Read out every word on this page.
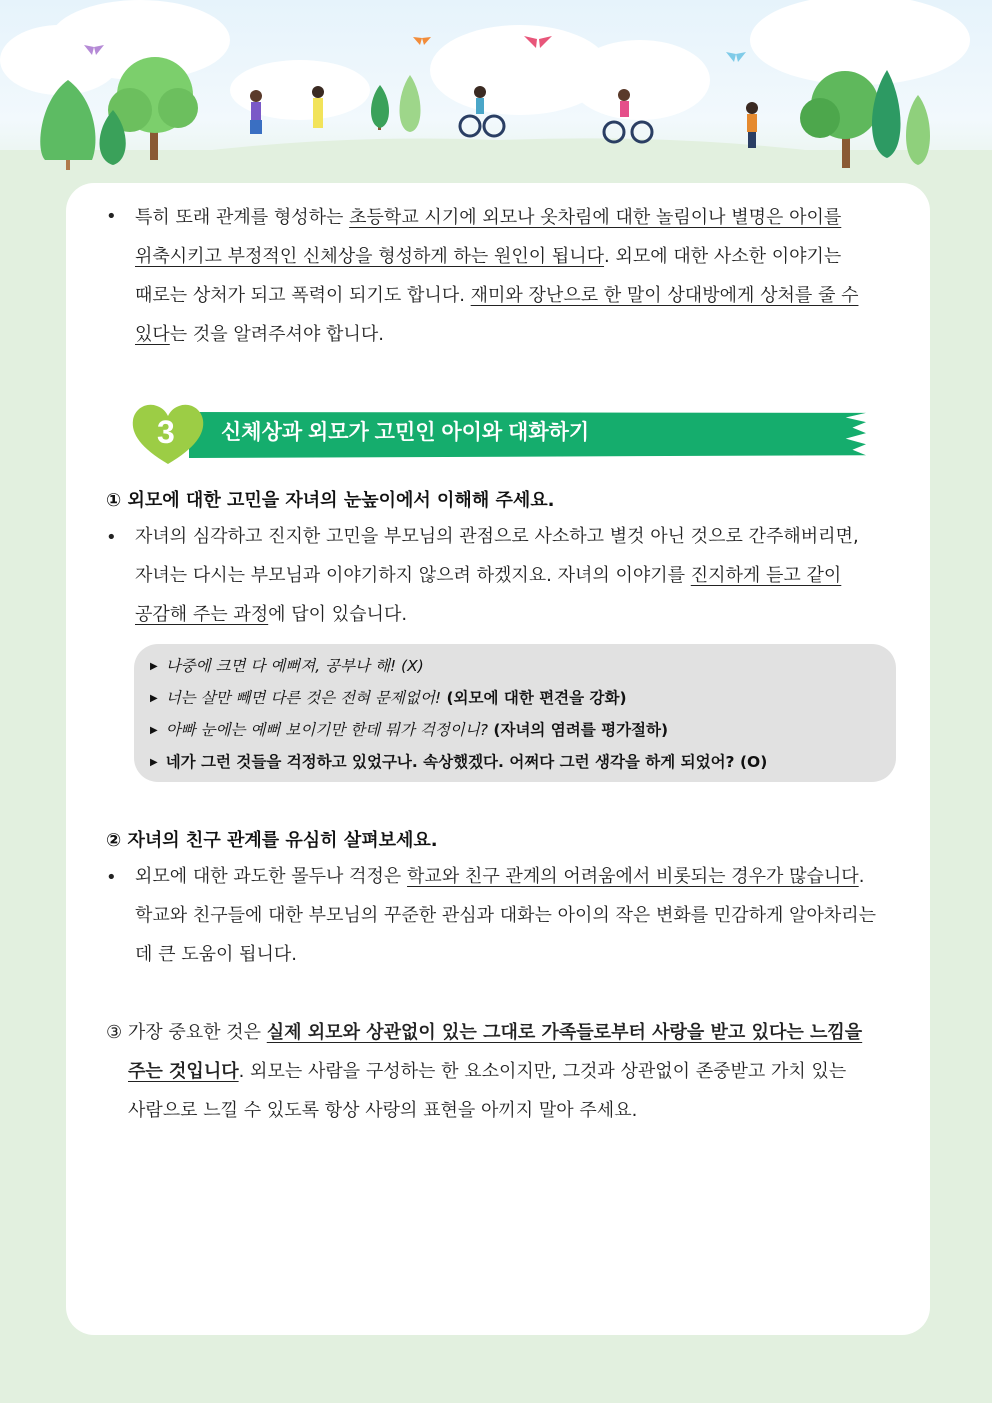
• 특히 또래 관계를 형성하는 초등학교 시기에 외모나 옷차림에 대한 놀림이나 별명은 아이를
위축시키고 부정적인 신체상을 형성하게 하는 원인이 됩니다. 외모에 대한 사소한 이야기는
때로는 상처가 되고 폭력이 되기도 합니다. 재미와 장난으로 한 말이 상대방에게 상처를 줄 수
있다는 것을 알려주셔야 합니다.
3 신체상과 외모가 고민인 아이와 대화하기
① 외모에 대한 고민을 자녀의 눈높이에서 이해해 주세요.
• 자녀의 심각하고 진지한 고민을 부모님의 관점으로 사소하고 별것 아닌 것으로 간주해버리면,
자녀는 다시는 부모님과 이야기하지 않으려 하겠지요. 자녀의 이야기를 진지하게 듣고 같이
공감해 주는 과정에 답이 있습니다.
▶ 나중에 크면 다 예뻐져, 공부나 해! (X)
▶ 너는 살만 빼면 다른 것은 전혀 문제없어! (외모에 대한 편견을 강화)
▶ 아빠 눈에는 예뻐 보이기만 한데 뭐가 걱정이니? (자녀의 염려를 평가절하)
▶ 네가 그런 것들을 걱정하고 있었구나. 속상했겠다. 어쩌다 그런 생각을 하게 되었어? (O)
② 자녀의 친구 관계를 유심히 살펴보세요.
• 외모에 대한 과도한 몰두나 걱정은 학교와 친구 관계의 어려움에서 비롯되는 경우가 많습니다.
학교와 친구들에 대한 부모님의 꾸준한 관심과 대화는 아이의 작은 변화를 민감하게 알아차리는
데 큰 도움이 됩니다.
③ 가장 중요한 것은 실제 외모와 상관없이 있는 그대로 가족들로부터 사랑을 받고 있다는 느낌을
주는 것입니다. 외모는 사람을 구성하는 한 요소이지만, 그것과 상관없이 존중받고 가치 있는
사람으로 느낄 수 있도록 항상 사랑의 표현을 아끼지 말아 주세요.
